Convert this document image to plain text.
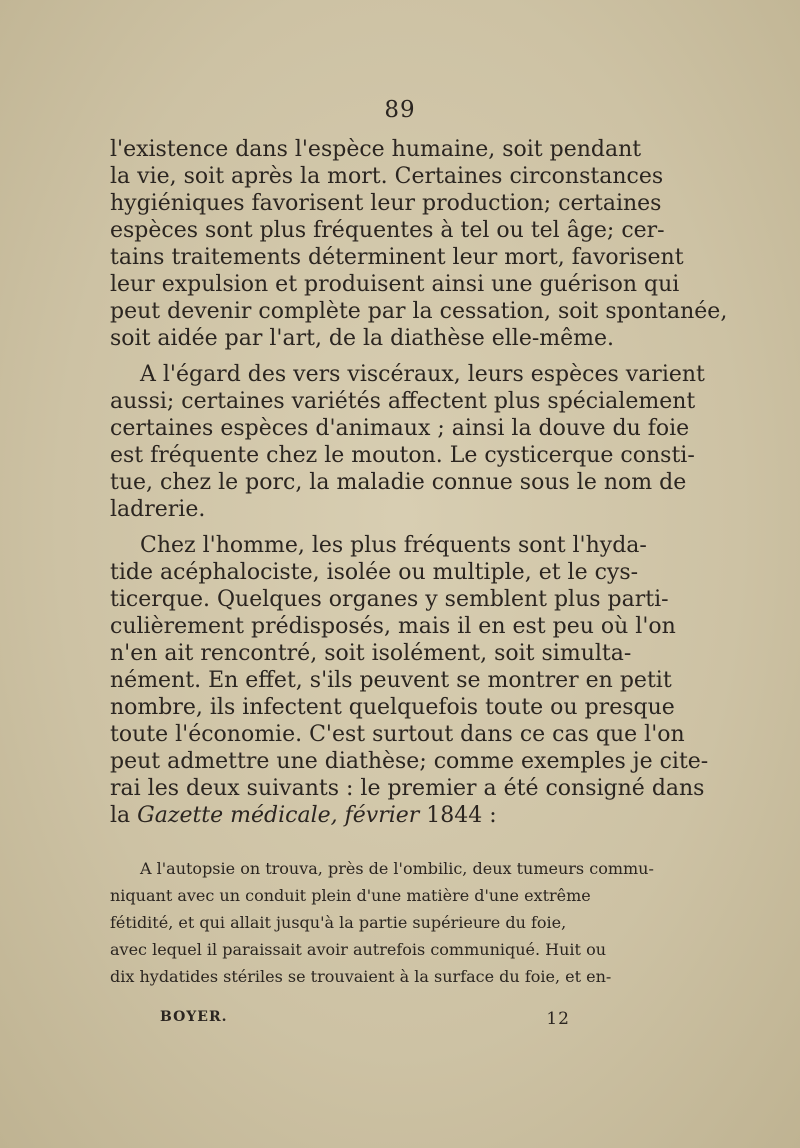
89
l'existence dans l'espèce humaine, soit pendant
la vie, soit après la mort. Certaines circonstances
hygiéniques favorisent leur production; certaines
espèces sont plus fréquentes à tel ou tel âge; cer-
tains traitements déterminent leur mort, favorisent
leur expulsion et produisent ainsi une guérison qui
peut devenir complète par la cessation, soit spontanée,
soit aidée par l'art, de la diathèse elle-même.
A l'égard des vers viscéraux, leurs espèces varient
aussi; certaines variétés affectent plus spécialement
certaines espèces d'animaux ; ainsi la douve du foie
est fréquente chez le mouton. Le cysticerque consti-
tue, chez le porc, la maladie connue sous le nom de
ladrerie.
Chez l'homme, les plus fréquents sont l'hyda-
tide acéphalociste, isolée ou multiple, et le cys-
ticerque. Quelques organes y semblent plus parti-
culièrement prédisposés, mais il en est peu où l'on
n'en ait rencontré, soit isolément, soit simulta-
nément. En effet, s'ils peuvent se montrer en petit
nombre, ils infectent quelquefois toute ou presque
toute l'économie. C'est surtout dans ce cas que l'on
peut admettre une diathèse; comme exemples je cite-
rai les deux suivants : le premier a été consigné dans
la Gazette médicale, février 1844 :
A l'autopsie on trouva, près de l'ombilic, deux tumeurs commu-
niquant avec un conduit plein d'une matière d'une extrême
fétidité, et qui allait jusqu'à la partie supérieure du foie,
avec lequel il paraissait avoir autrefois communiqué. Huit ou
dix hydatides stériles se trouvaient à la surface du foie, et en-
BOYER.	12
